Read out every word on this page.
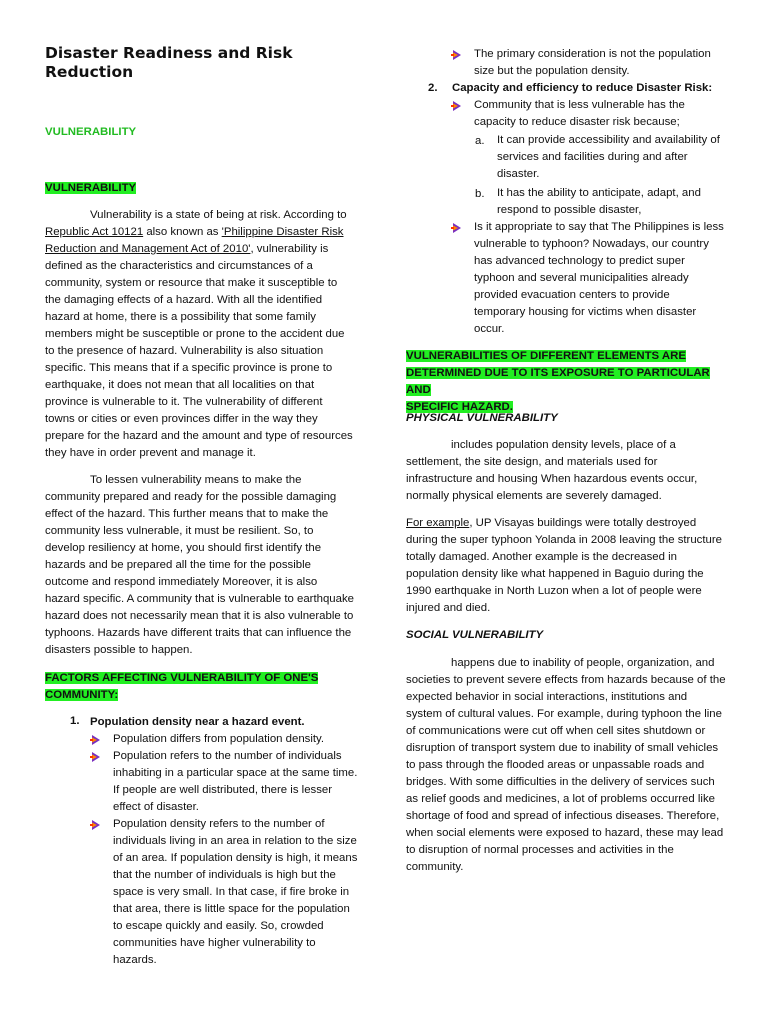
Disaster Readiness and Risk Reduction
VULNERABILITY
VULNERABILITY
Vulnerability is a state of being at risk. According to Republic Act 10121 also known as 'Philippine Disaster Risk Reduction and Management Act of 2010', vulnerability is defined as the characteristics and circumstances of a community, system or resource that make it susceptible to the damaging effects of a hazard. With all the identified hazard at home, there is a possibility that some family members might be susceptible or prone to the accident due to the presence of hazard. Vulnerability is also situation specific. This means that if a specific province is prone to earthquake, it does not mean that all localities on that province is vulnerable to it. The vulnerability of different towns or cities or even provinces differ in the way they prepare for the hazard and the amount and type of resources they have in order prevent and manage it.
To lessen vulnerability means to make the community prepared and ready for the possible damaging effect of the hazard. This further means that to make the community less vulnerable, it must be resilient. So, to develop resiliency at home, you should first identify the hazards and be prepared all the time for the possible outcome and respond immediately Moreover, it is also hazard specific. A community that is vulnerable to earthquake hazard does not necessarily mean that it is also vulnerable to typhoons. Hazards have different traits that can influence the disasters possible to happen.
FACTORS AFFECTING VULNERABILITY OF ONE'S
COMMUNITY:
1. Population density near a hazard event.
Population differs from population density.
Population refers to the number of individuals inhabiting in a particular space at the same time. If people are well distributed, there is lesser effect of disaster.
Population density refers to the number of individuals living in an area in relation to the size of an area. If population density is high, it means that the number of individuals is high but the space is very small. In that case, if fire broke in that area, there is little space for the population to escape quickly and easily. So, crowded communities have higher vulnerability to hazards.
The primary consideration is not the population size but the population density.
2. Capacity and efficiency to reduce Disaster Risk:
Community that is less vulnerable has the capacity to reduce disaster risk because;
a. It can provide accessibility and availability of services and facilities during and after disaster.
b. It has the ability to anticipate, adapt, and respond to possible disaster,
Is it appropriate to say that The Philippines is less vulnerable to typhoon? Nowadays, our country has advanced technology to predict super typhoon and several municipalities already provided evacuation centers to provide temporary housing for victims when disaster occur.
VULNERABILITIES OF DIFFERENT ELEMENTS ARE
DETERMINED DUE TO ITS EXPOSURE TO PARTICULAR AND
SPECIFIC HAZARD.
PHYSICAL VULNERABILITY
includes population density levels, place of a settlement, the site design, and materials used for infrastructure and housing When hazardous events occur, normally physical elements are severely damaged.
For example, UP Visayas buildings were totally destroyed during the super typhoon Yolanda in 2008 leaving the structure totally damaged. Another example is the decreased in population density like what happened in Baguio during the 1990 earthquake in North Luzon when a lot of people were injured and died.
SOCIAL VULNERABILITY
happens due to inability of people, organization, and societies to prevent severe effects from hazards because of the expected behavior in social interactions, institutions and system of cultural values. For example, during typhoon the line of communications were cut off when cell sites shutdown or disruption of transport system due to inability of small vehicles to pass through the flooded areas or unpassable roads and bridges. With some difficulties in the delivery of services such as relief goods and medicines, a lot of problems occurred like shortage of food and spread of infectious diseases. Therefore, when social elements were exposed to hazard, these may lead to disruption of normal processes and activities in the community.
